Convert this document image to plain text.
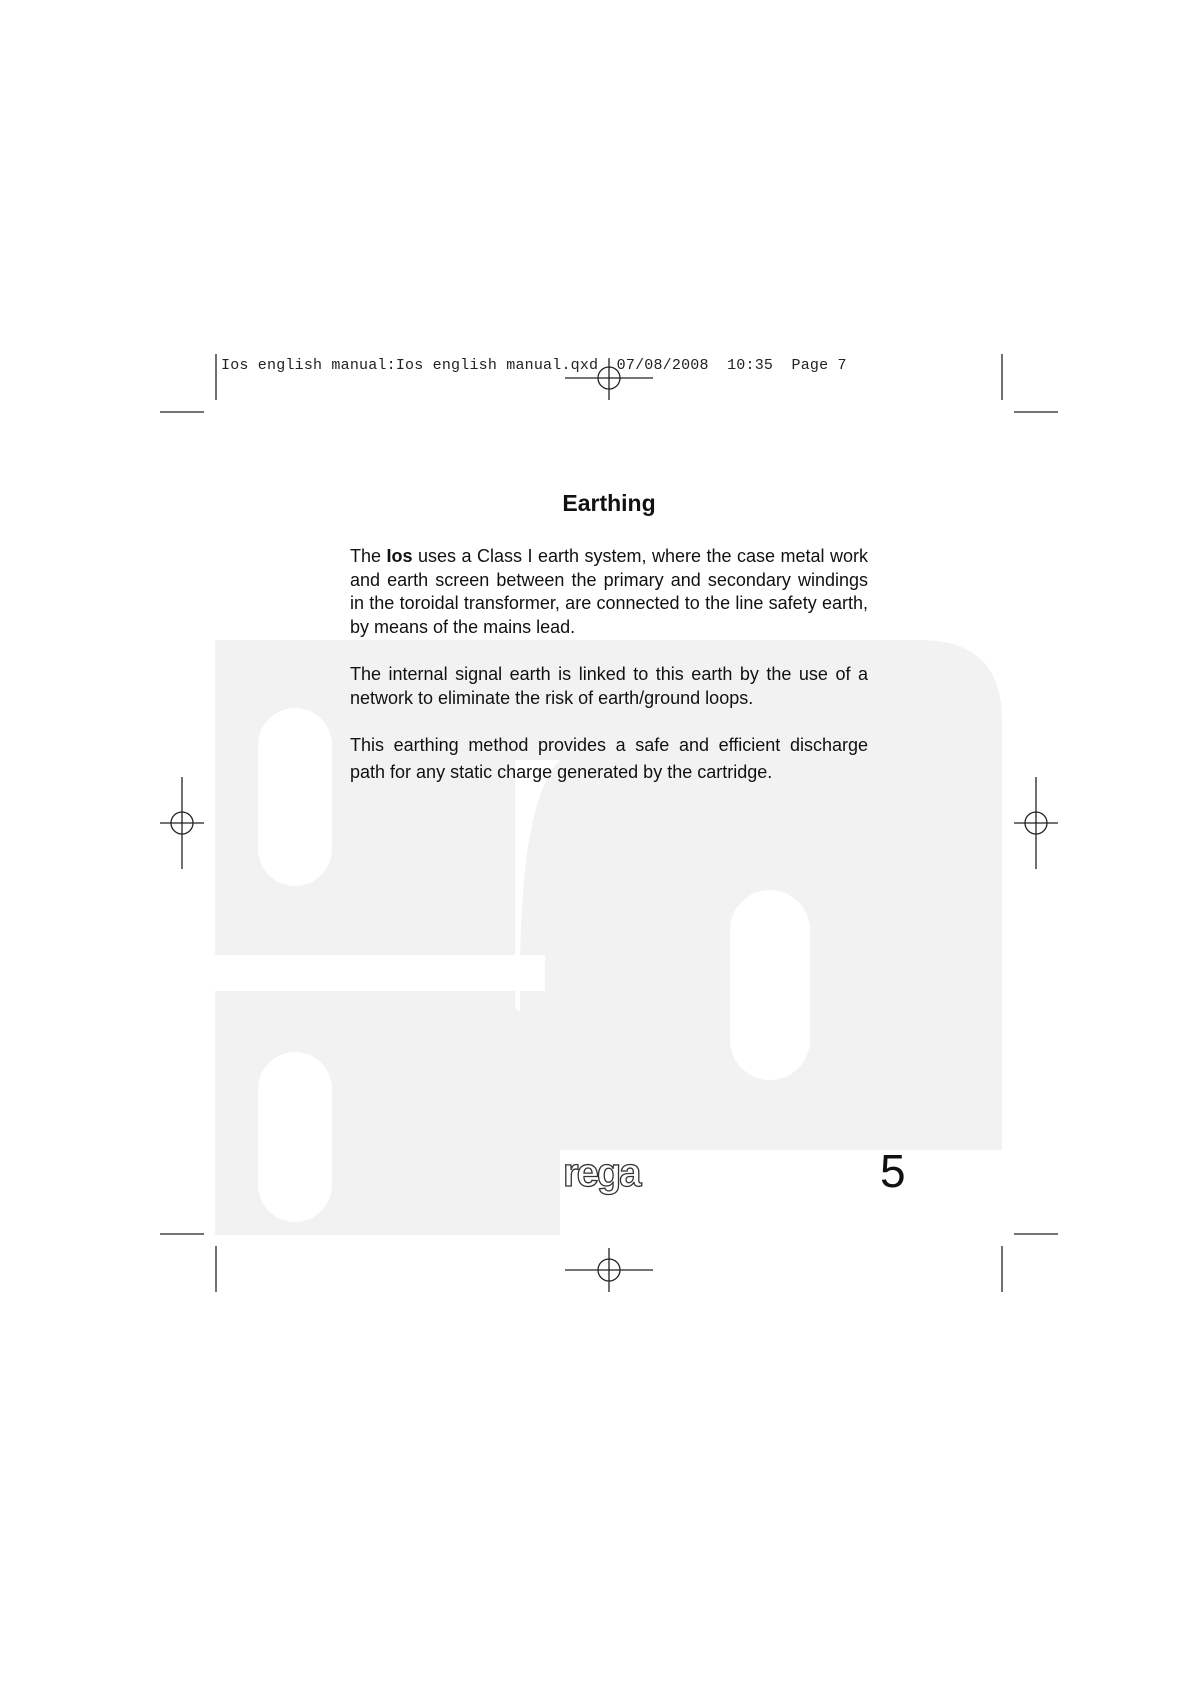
rega
Ios english manual:Ios english manual.qxd 07/08/2008 10:35 Page 7
Earthing

The Ios uses a Class I earth system, where the case metal work and earth screen between the primary and secondary windings in the toroidal transformer, are connected to the line safety earth, by means of the mains lead.

The internal signal earth is linked to this earth by the use of a network to eliminate the risk of earth/ground loops.

This earthing method provides a safe and efficient discharge path for any static charge generated by the cartridge.

5
